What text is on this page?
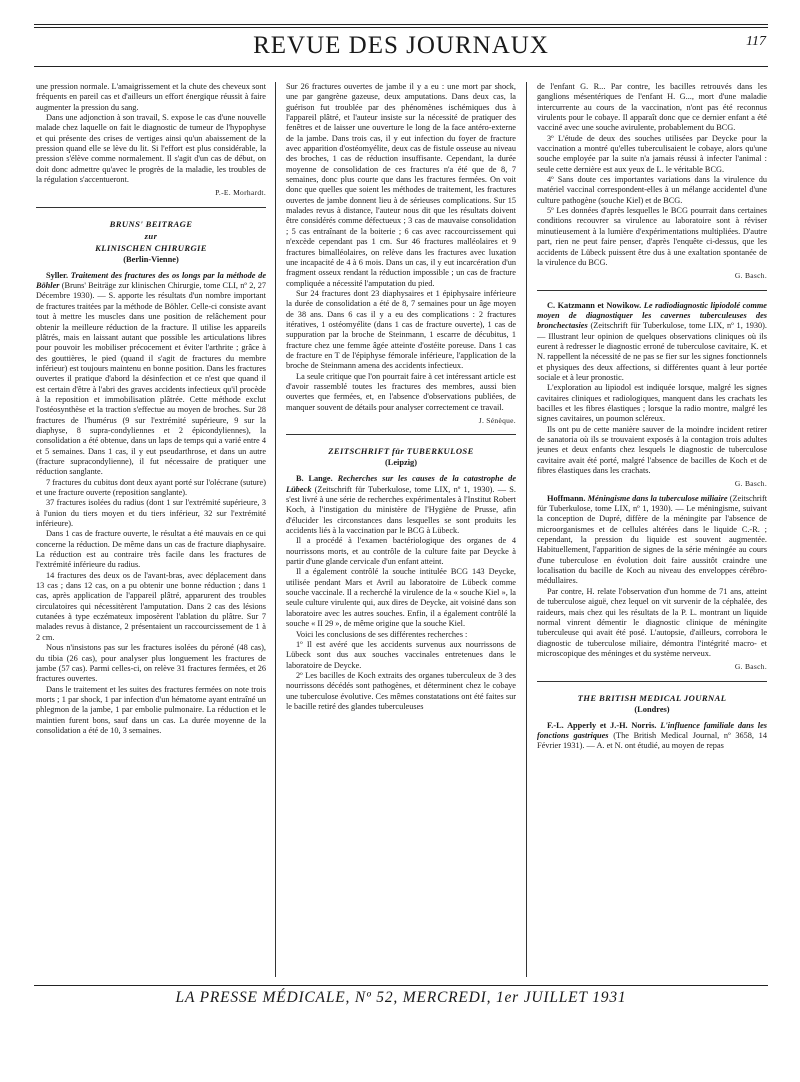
REVUE DES JOURNAUX	117

une pression normale. L'amaigrissement et la chute des cheveux sont fréquents en pareil cas et d'ailleurs un effort énergique réussit à faire augmenter la pression du sang.

Dans une adjonction à son travail, S. expose le cas d'une nouvelle malade chez laquelle on fait le diagnostic de tumeur de l'hypophyse et qui présente des crises de vertiges ainsi qu'un abaissement de la pression quand elle se lève du lit. Si l'effort est plus considérable, la pression s'élève comme normalement. Il s'agit d'un cas de début, on doit donc admettre qu'avec le progrès de la maladie, les troubles de la régulation s'accentueront.

P.-E. Morhardt.
BRUNS' BEITRAGE
zur
KLINISCHEN CHIRURGIE
(Berlin-Vienne)

Syller. Traitement des fractures des os longs par la méthode de Böhler (Bruns' Beiträge zur klinischen Chirurgie, tome CLI, nº 2, 27 Décembre 1930). — S. apporte les résultats d'un nombre important de fractures traitées par la méthode de Böhler. Celle-ci consiste avant tout à mettre les muscles dans une position de relâchement pour obtenir la meilleure réduction de la fracture. Il utilise les appareils plâtrés, mais en laissant autant que possible les articulations libres pour pouvoir les mobiliser précocement et éviter l'arthrite ; grâce à des gouttières, le pied (quand il s'agit de fractures du membre inférieur) est toujours maintenu en bonne position. Dans les fractures ouvertes il pratique d'abord la désinfection et ce n'est que quand il est certain d'être à l'abri des graves accidents infectieux qu'il procède à la reposition et immobilisation plâtrée. Cette méthode exclut l'ostéosynthèse et la traction s'effectue au moyen de broches. Sur 28 fractures de l'humérus (9 sur l'extrémité supérieure, 9 sur la diaphyse, 8 supra-condyliennes et 2 épicondyliennes), la consolidation a été obtenue, dans un laps de temps qui a varié entre 4 et 5 semaines. Dans 1 cas, il y eut pseudarthrose, et dans un autre (fracture supracondylienne), il fut nécessaire de pratiquer une réduction sanglante.

7 fractures du cubitus dont deux ayant porté sur l'olécrane (suture) et une fracture ouverte (reposition sanglante).

37 fractures isolées du radius (dont 1 sur l'extrémité supérieure, 3 à l'union du tiers moyen et du tiers inférieur, 32 sur l'extrémité inférieure).

Dans 1 cas de fracture ouverte, le résultat a été mauvais en ce qui concerne la réduction. De même dans un cas de fracture diaphysaire. La réduction est au contraire très facile dans les fractures de l'extrémité inférieure du radius.

14 fractures des deux os de l'avant-bras, avec déplacement dans 13 cas ; dans 12 cas, on a pu obtenir une bonne réduction ; dans 1 cas, après application de l'appareil plâtré, apparurent des troubles circulatoires qui nécessitèrent l'amputation. Dans 2 cas des lésions cutanées à type eczémateux imposèrent l'ablation du plâtre. Sur 7 malades revus à distance, 2 présentaient un raccourcissement de 1 à 2 cm.

Nous n'insistons pas sur les fractures isolées du péroné (48 cas), du tibia (26 cas), pour analyser plus longuement les fractures de jambe (57 cas). Parmi celles-ci, on relève 31 fractures fermées, et 26 fractures ouvertes.

Dans le traitement et les suites des fractures fermées on note trois morts ; 1 par shock, 1 par infection d'un hématome ayant entraîné un phlegmon de la jambe, 1 par embolie pulmonaire. La réduction et le maintien furent bons, sauf dans un cas. La durée moyenne de la consolidation a été de 10, 3 semaines.

Sur 26 fractures ouvertes de jambe il y a eu : une mort par shock, une par gangrène gazeuse, deux amputations. Dans deux cas, la guérison fut troublée par des phénomènes ischémiques dus à l'appareil plâtré, et l'auteur insiste sur la nécessité de pratiquer des fenêtres et de laisser une ouverture le long de la face antéro-externe de la jambe. Dans trois cas, il y eut infection du foyer de fracture avec apparition d'ostéomyélite, deux cas de fistule osseuse au niveau des broches, 1 cas de réduction insuffisante. Cependant, la durée moyenne de consolidation de ces fractures n'a été que de 8, 7 semaines, donc plus courte que dans les fractures fermées. On voit donc que quelles que soient les méthodes de traitement, les fractures ouvertes de jambe donnent lieu à de sérieuses complications. Sur 15 malades revus à distance, l'auteur nous dit que les résultats doivent être considérés comme défectueux ; 3 cas de mauvaise consolidation ; 5 cas entraînant de la boiterie ; 6 cas avec raccourcissement qui n'excède cependant pas 1 cm. Sur 46 fractures malléolaires et 9 fractures bimalléolaires, on relève dans les fractures avec luxation une incapacité de 4 à 6 mois. Dans un cas, il y eut incarcération d'un fragment osseux rendant la réduction impossible ; un cas de fracture compliquée a nécessité l'amputation du pied.

Sur 24 fractures dont 23 diaphysaires et 1 épiphysaire inférieure la durée de consolidation a été de 8, 7 semaines pour un âge moyen de 38 ans. Dans 6 cas il y a eu des complications : 2 fractures itératives, 1 ostéomyélite (dans 1 cas de fracture ouverte), 1 cas de suppuration par la broche de Steinmann, 1 escarre de décubitus, 1 fracture chez une femme âgée atteinte d'ostéite poreuse. Dans 1 cas de fracture en T de l'épiphyse fémorale inférieure, l'application de la broche de Steinmann amena des accidents infectieux.

La seule critique que l'on pourrait faire à cet intéressant article est d'avoir rassemblé toutes les fractures des membres, aussi bien ouvertes que fermées, et, en l'absence d'observations publiées, de manquer souvent de détails pour analyser correctement ce travail.

J. Sénèque.
ZEITSCHRIFT für TUBERKULOSE
(Leipzig)

B. Lange. Recherches sur les causes de la catastrophe de Lübeck (Zeitschrift für Tuberkulose, tome LIX, nº 1, 1930). — S. s'est livré à une série de recherches expérimentales à l'Institut Robert Koch, à l'instigation du ministère de l'Hygiène de Prusse, afin d'élucider les circonstances dans lesquelles se sont produits les accidents liés à la vaccination par le BCG à Lübeck.

Il a procédé à l'examen bactériologique des organes de 4 nourrissons morts, et au contrôle de la culture faite par Deycke à partir d'une glande cervicale d'un enfant atteint.

Il a également contrôlé la souche intitulée BCG 143 Deycke, utilisée pendant Mars et Avril au laboratoire de Lübeck comme souche vaccinale. Il a recherché la virulence de la « souche Kiel », la seule culture virulente qui, aux dires de Deycke, ait voisiné dans son laboratoire avec les autres souches. Enfin, il a également contrôlé la souche « II 29 », de même origine que la souche Kiel.

Voici les conclusions de ses différentes recherches :

1º Il est avéré que les accidents survenus aux nourrissons de Lübeck sont dus aux souches vaccinales entretenues dans le laboratoire de Deycke.

2º Les bacilles de Koch extraits des organes tuberculeux de 3 des nourrissons décédés sont pathogènes, et déterminent chez le cobaye une tuberculose évolutive. Ces mêmes constatations ont été faites sur le bacille retiré des glandes tuberculeuses

de l'enfant G. R... Par contre, les bacilles retrouvés dans les ganglions mésentériques de l'enfant H. G..., mort d'une maladie intercurrente au cours de la vaccination, n'ont pas été reconnus virulents pour le cobaye. Il apparaît donc que ce dernier enfant a été vacciné avec une souche avirulente, probablement du BCG.

3º L'étude de deux des souches utilisées par Deycke pour la vaccination a montré qu'elles tuberculisaient le cobaye, alors qu'une souche employée par la suite n'a jamais réussi à infecter l'animal : seule cette dernière est aux yeux de L. le véritable BCG.

4º Sans doute ces importantes variations dans la virulence du matériel vaccinal correspondent-elles à un mélange accidentel d'une culture pathogène (souche Kiel) et de BCG.

5º Les données d'après lesquelles le BCG pourrait dans certaines conditions recouvrer sa virulence au laboratoire sont à réviser minutieusement à la lumière d'expérimentations multipliées. D'autre part, rien ne peut faire penser, d'après l'enquête ci-dessus, que les accidents de Lübeck puissent être dus à une exaltation spontanée de la virulence du BCG.

G. Basch.

C. Katzmann et Nowikow. Le radiodiagnostic lipiodolé comme moyen de diagnostiquer les cavernes tuberculeuses des bronchectasies (Zeitschrift für Tuberkulose, tome LIX, nº 1, 1930). — Illustrant leur opinion de quelques observations cliniques où ils eurent à redresser le diagnostic erroné de tuberculose cavitaire, K. et N. rappellent la nécessité de ne pas se fier sur les signes fonctionnels et physiques des deux affections, si différentes quant à leur portée sociale et à leur pronostic.

L'exploration au lipiodol est indiquée lorsque, malgré les signes cavitaires cliniques et radiologiques, manquent dans les crachats les bacilles et les fibres élastiques ; lorsque la radio montre, malgré les signes cavitaires, un poumon scléreux.

Ils ont pu de cette manière sauver de la moindre incident retirer de sanatoria où ils se trouvaient exposés à la contagion trois adultes jeunes et deux enfants chez lesquels le diagnostic de tuberculose cavitaire avait été porté, malgré l'absence de bacilles de Koch et de fibres élastiques dans les crachats.

G. Basch.

Hoffmann. Méningisme dans la tuberculose miliaire (Zeitschrift für Tuberkulose, tome LIX, nº 1, 1930). — Le méningisme, suivant la conception de Dupré, diffère de la méningite par l'absence de microorganismes et de cellules altérées dans le liquide C.-R. ; cependant, la pression du liquide est souvent augmentée. Habituellement, l'apparition de signes de la série méningée au cours d'une tuberculose en évolution doit faire aussitôt craindre une localisation du bacille de Koch au niveau des enveloppes cérébro-médullaires.

Par contre, H. relate l'observation d'un homme de 71 ans, atteint de tuberculose aiguë, chez lequel on vit survenir de la céphalée, des raideurs, mais chez qui les résultats de la P. L. montrant un liquide normal vinrent démentir le diagnostic clinique de méningite tuberculeuse qui avait été posé. L'autopsie, d'ailleurs, corrobora le diagnostic de tuberculose miliaire, démontra l'intégrité macro- et microscopique des méninges et du système nerveux.

G. Basch.
THE BRITISH MEDICAL JOURNAL
(Londres)

F.-L. Apperly et J.-H. Norris. L'influence familiale dans les fonctions gastriques (The British Medical Journal, nº 3658, 14 Février 1931). — A. et N. ont étudié, au moyen de repas

LA PRESSE MÉDICALE, Nº 52, MERCREDI, 1er JUILLET 1931
